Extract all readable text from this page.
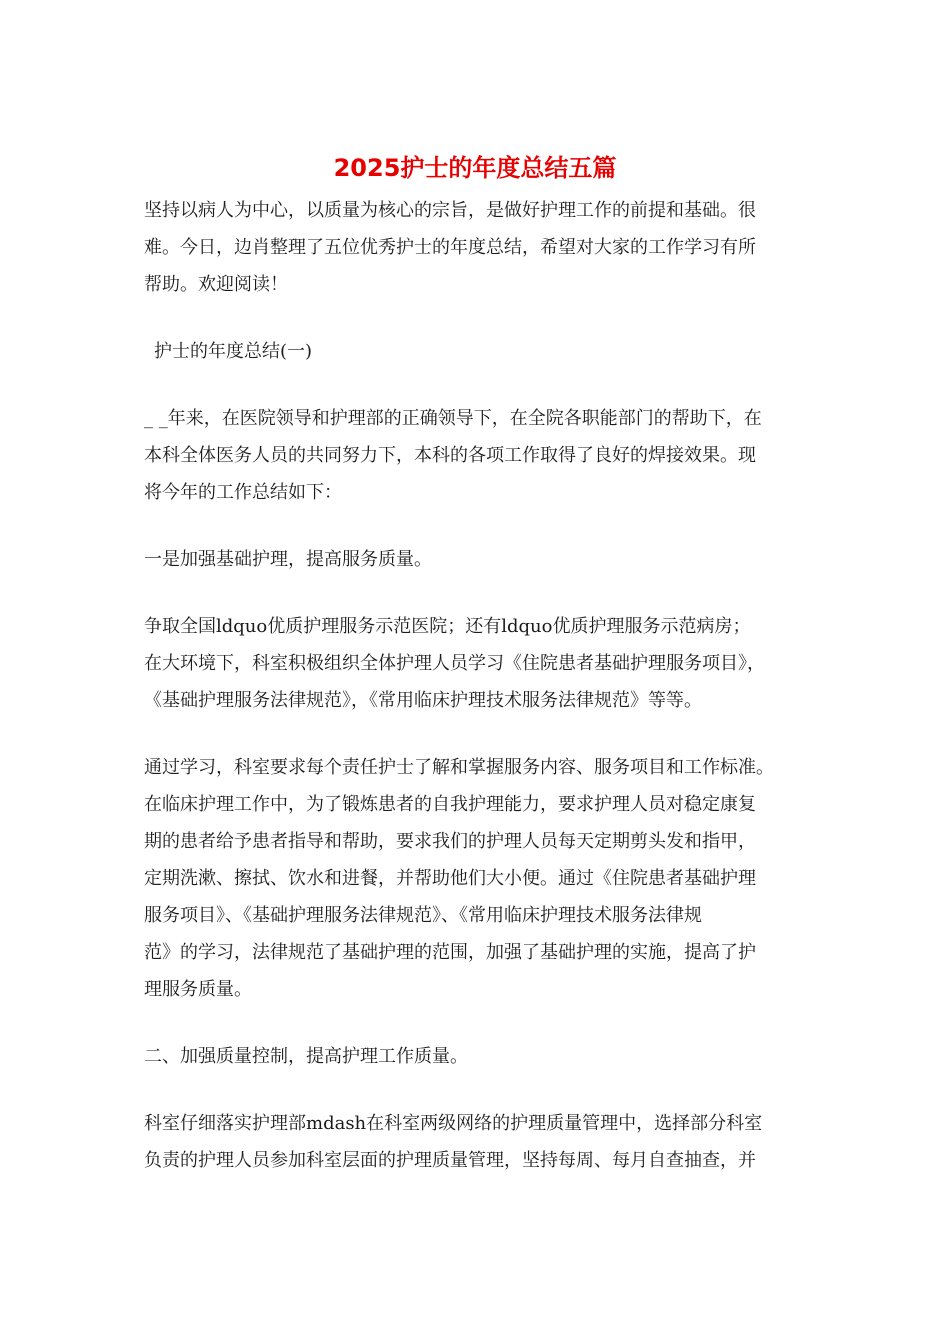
2025护士的年度总结五篇

坚持以病人为中心，以质量为核心的宗旨，是做好护理工作的前提和基础。很
难。今日，边肖整理了五位优秀护士的年度总结，希望对大家的工作学习有所
帮助。欢迎阅读！

护士的年度总结(一)

_ _年来，在医院领导和护理部的正确领导下，在全院各职能部门的帮助下，在
本科全体医务人员的共同努力下，本科的各项工作取得了良好的焊接效果。现
将今年的工作总结如下：

一是加强基础护理，提高服务质量。

争取全国ldquo优质护理服务示范医院；还有ldquo优质护理服务示范病房；
在大环境下，科室积极组织全体护理人员学习《住院患者基础护理服务项目》，
《基础护理服务法律规范》，《常用临床护理技术服务法律规范》等等。

通过学习，科室要求每个责任护士了解和掌握服务内容、服务项目和工作标准。
在临床护理工作中，为了锻炼患者的自我护理能力，要求护理人员对稳定康复
期的患者给予患者指导和帮助，要求我们的护理人员每天定期剪头发和指甲，
定期洗漱、擦拭、饮水和进餐，并帮助他们大小便。通过《住院患者基础护理
服务项目》、《基础护理服务法律规范》、《常用临床护理技术服务法律规
范》的学习，法律规范了基础护理的范围，加强了基础护理的实施，提高了护
理服务质量。

二、加强质量控制，提高护理工作质量。

科室仔细落实护理部mdash在科室两级网络的护理质量管理中，选择部分科室
负责的护理人员参加科室层面的护理质量管理，坚持每周、每月自查抽查，并
